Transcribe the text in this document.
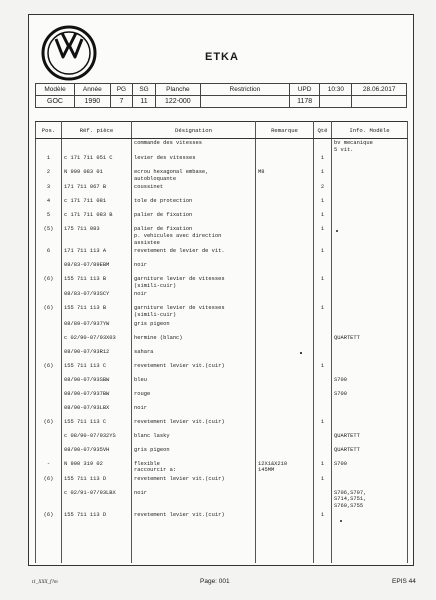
ETKA
Modèle	Année	PG	SG	Planche	Restriction	UPD	10:30	28.06.2017
GOC	1990	7	11	122-000		1178		
Pos.	Réf. pièce	Désignation	Remarque	Qté	Info. Modèle
		commande des vitesses			bv mecanique
5 vit.
1	c 171 711 051 C	levier des vitesses		1	
2	N 909 083 01	ecrou hexagonal embase,
autobloquante	M8	1	
3	171 711 067 B	coussinet		2	
4	c 171 711 081	tole de protection		1	
5	c 171 711 083 B	palier de fixation		1	
(5)	175 711 083	palier de fixation
p. vehicules avec direction
assistee		1	
6	171 711 113 A	revetement de levier de vit.		1	
	08/83-07/89EBM	noir			
(6)	155 711 113 B	garniture levier de vitesses
(simili-cuir)		1	
	08/83-07/93SCY	noir			
(6)	155 711 113 B	garniture levier de vitesses
(simili-cuir)		1	
	08/89-07/937YW	gris pigeon			
	c 02/90-07/93X03	hermine (blanc)			QUARTETT
	08/90-07/93R12	sahara			
(6)	155 711 113 C	revetement levier vit.(cuir)		1	
	08/90-07/93SBW	bleu			S700
	08/90-07/937BW	rouge			S700
	08/90-07/93LBX	noir			
(6)	155 711 113 C	revetement levier vit.(cuir)		1	
	c 08/90-07/932YS	blanc lasky			QUARTETT
	08/90-07/935VH	gris pigeon			QUARTETT
-	N 900 319 02	flexible
raccourcir a:	12X1&X210
145MM	1	S700
(6)	155 711 113 D	revetement levier vit.(cuir)		1	
	c 02/91-07/93LBX	noir			S706,S707,
S714,S751,
S760,S755
(6)	155 711 113 D	revetement levier vit.(cuir)		1	

t1_XXX_f?m	Page: 001	EPIS 44
